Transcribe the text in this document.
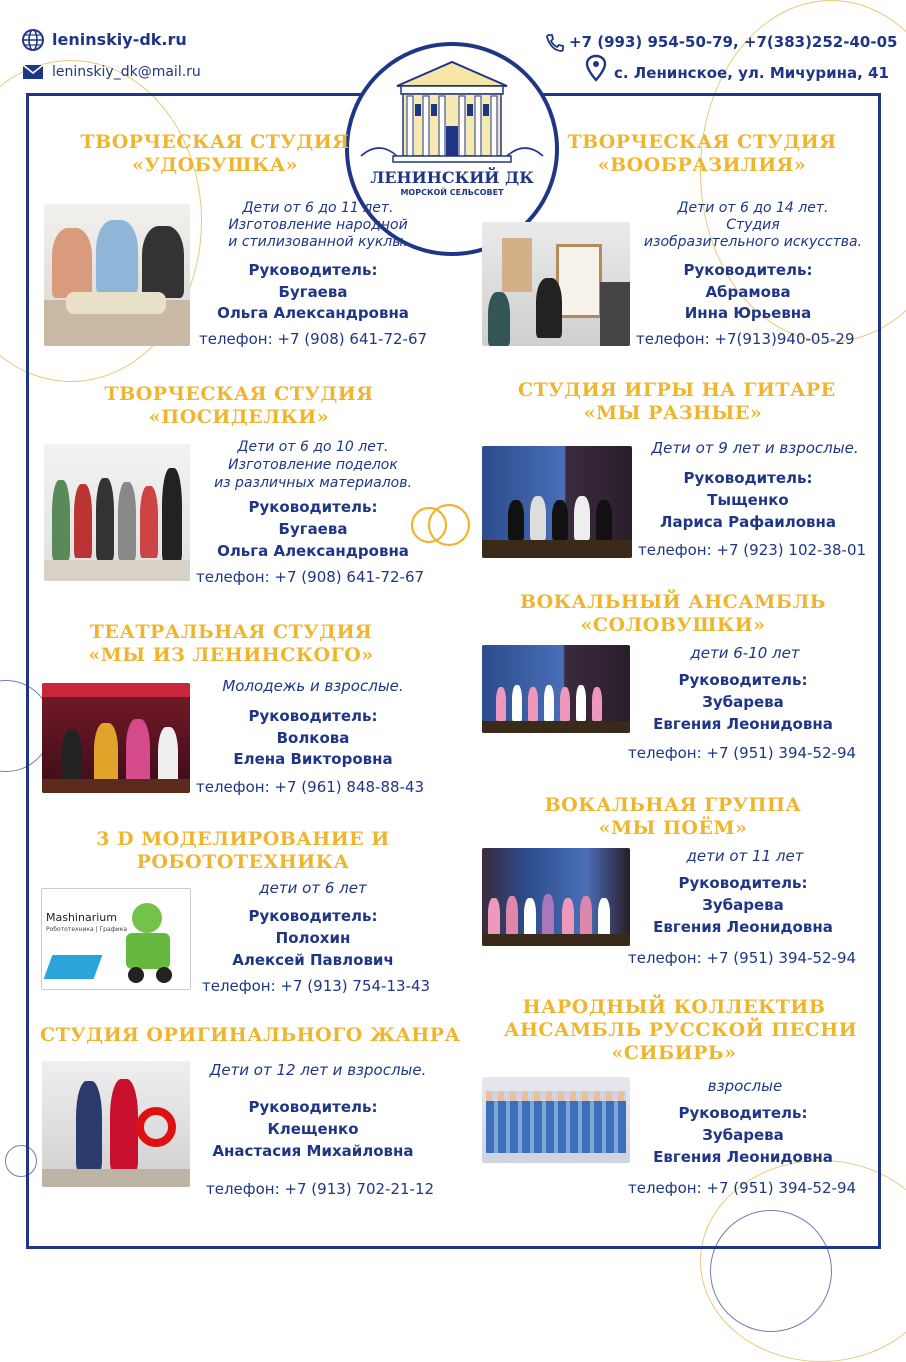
leninskiy-dk.ru
leninskiy_dk@mail.ru
+7 (993) 954-50-79, +7(383)252-40-05
с. Ленинское, ул. Мичурина, 41
ЛЕНИНСКИЙ ДК
МОРСКОЙ СЕЛЬСОВЕТ
ТВОРЧЕСКАЯ СТУДИЯ
«УДОБУШКА»
Дети от 6 до 11 лет.
Изготовление народной
и стилизованной куклы.
Руководитель:
Бугаева
Ольга Александровна
телефон: +7 (908) 641-72-67
ТВОРЧЕСКАЯ СТУДИЯ
«ПОСИДЕЛКИ»
Дети от 6 до 10 лет.
Изготовление поделок
из различных материалов.
Руководитель:
Бугаева
Ольга Александровна
телефон: +7 (908) 641-72-67
ТЕАТРАЛЬНАЯ СТУДИЯ
«МЫ ИЗ ЛЕНИНСКОГО»
Молодежь и взрослые.
Руководитель:
Волкова
Елена Викторовна
телефон: +7 (961) 848-88-43
3 D МОДЕЛИРОВАНИЕ И
РОБОТОТЕХНИКА
Mashinarium
Робототехника | Графика
дети от 6 лет
Руководитель:
Полохин
Алексей Павлович
телефон: +7 (913) 754-13-43
СТУДИЯ ОРИГИНАЛЬНОГО ЖАНРА
Дети от 12 лет и взрослые.
Руководитель:
Клещенко
Анастасия Михайловна
телефон: +7 (913) 702-21-12
ТВОРЧЕСКАЯ СТУДИЯ
«ВООБРАЗИЛИЯ»
Дети от 6 до 14 лет.
Студия
изобразительного искусства.
Руководитель:
Абрамова
Инна Юрьевна
телефон: +7(913)940-05-29
СТУДИЯ ИГРЫ НА ГИТАРЕ
«МЫ РАЗНЫЕ»
Дети от 9 лет и взрослые.
Руководитель:
Тыщенко
Лариса Рафаиловна
телефон: +7 (923) 102-38-01
ВОКАЛЬНЫЙ АНСАМБЛЬ
«СОЛОВУШКИ»
дети 6-10 лет
Руководитель:
Зубарева
Евгения Леонидовна
телефон: +7 (951) 394-52-94
ВОКАЛЬНАЯ ГРУППА
«МЫ ПОЁМ»
дети от 11 лет
Руководитель:
Зубарева
Евгения Леонидовна
телефон: +7 (951) 394-52-94
НАРОДНЫЙ КОЛЛЕКТИВ
АНСАМБЛЬ РУССКОЙ ПЕСНИ
«СИБИРЬ»
взрослые
Руководитель:
Зубарева
Евгения Леонидовна
телефон: +7 (951) 394-52-94
